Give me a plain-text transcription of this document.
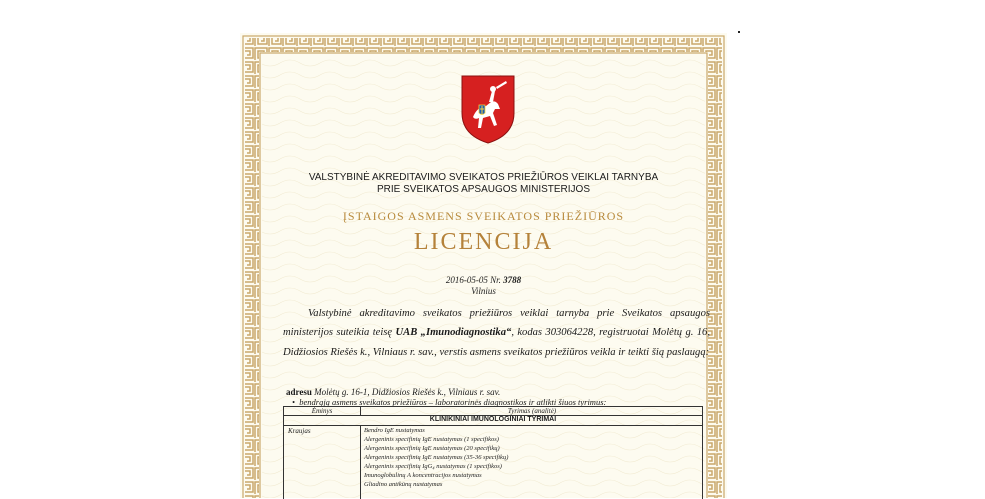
VALSTYBINĖ AKREDITAVIMO SVEIKATOS PRIEŽIŪROS VEIKLAI TARNYBA
PRIE SVEIKATOS APSAUGOS MINISTERIJOS
ĮSTAIGOS ASMENS SVEIKATOS PRIEŽIŪROS
LICENCIJA
2016-05-05 Nr. 3788
Vilnius
Valstybinė akreditavimo sveikatos priežiūros veiklai tarnyba prie Sveikatos apsaugos ministerijos suteikia teisę UAB „Imunodiagnostika“, kodas 303064228, registruotai Molėtų g. 16, Didžiosios Riešės k., Vilniaus r. sav., verstis asmens sveikatos priežiūros veikla ir teikti šią paslaugą:
adresu Molėtų g. 16-1, Didžiosios Riešės k., Vilniaus r. sav.
•  bendrąją asmens sveikatos priežiūros – laboratorinės diagnostikos ir atlikti šiuos tyrimus:
Ėminys	Tyrimas (analitė)
KLINIKINIAI IMUNOLOGINIAI TYRIMAI
Kraujas	Bendro IgE nustatymas
Alergeninis specifinių IgE nustatymas (1 specifikos)
Alergeninis specifinių IgE nustatymas (20 specifikų)
Alergeninis specifinių IgE nustatymas (35-36 specifikų)
Alergeninis specifinių IgG₄ nustatymas (1 specifikos)
Imunoglobulinų A koncentracijos nustatymas
Gliadino antikūnų nustatymas
